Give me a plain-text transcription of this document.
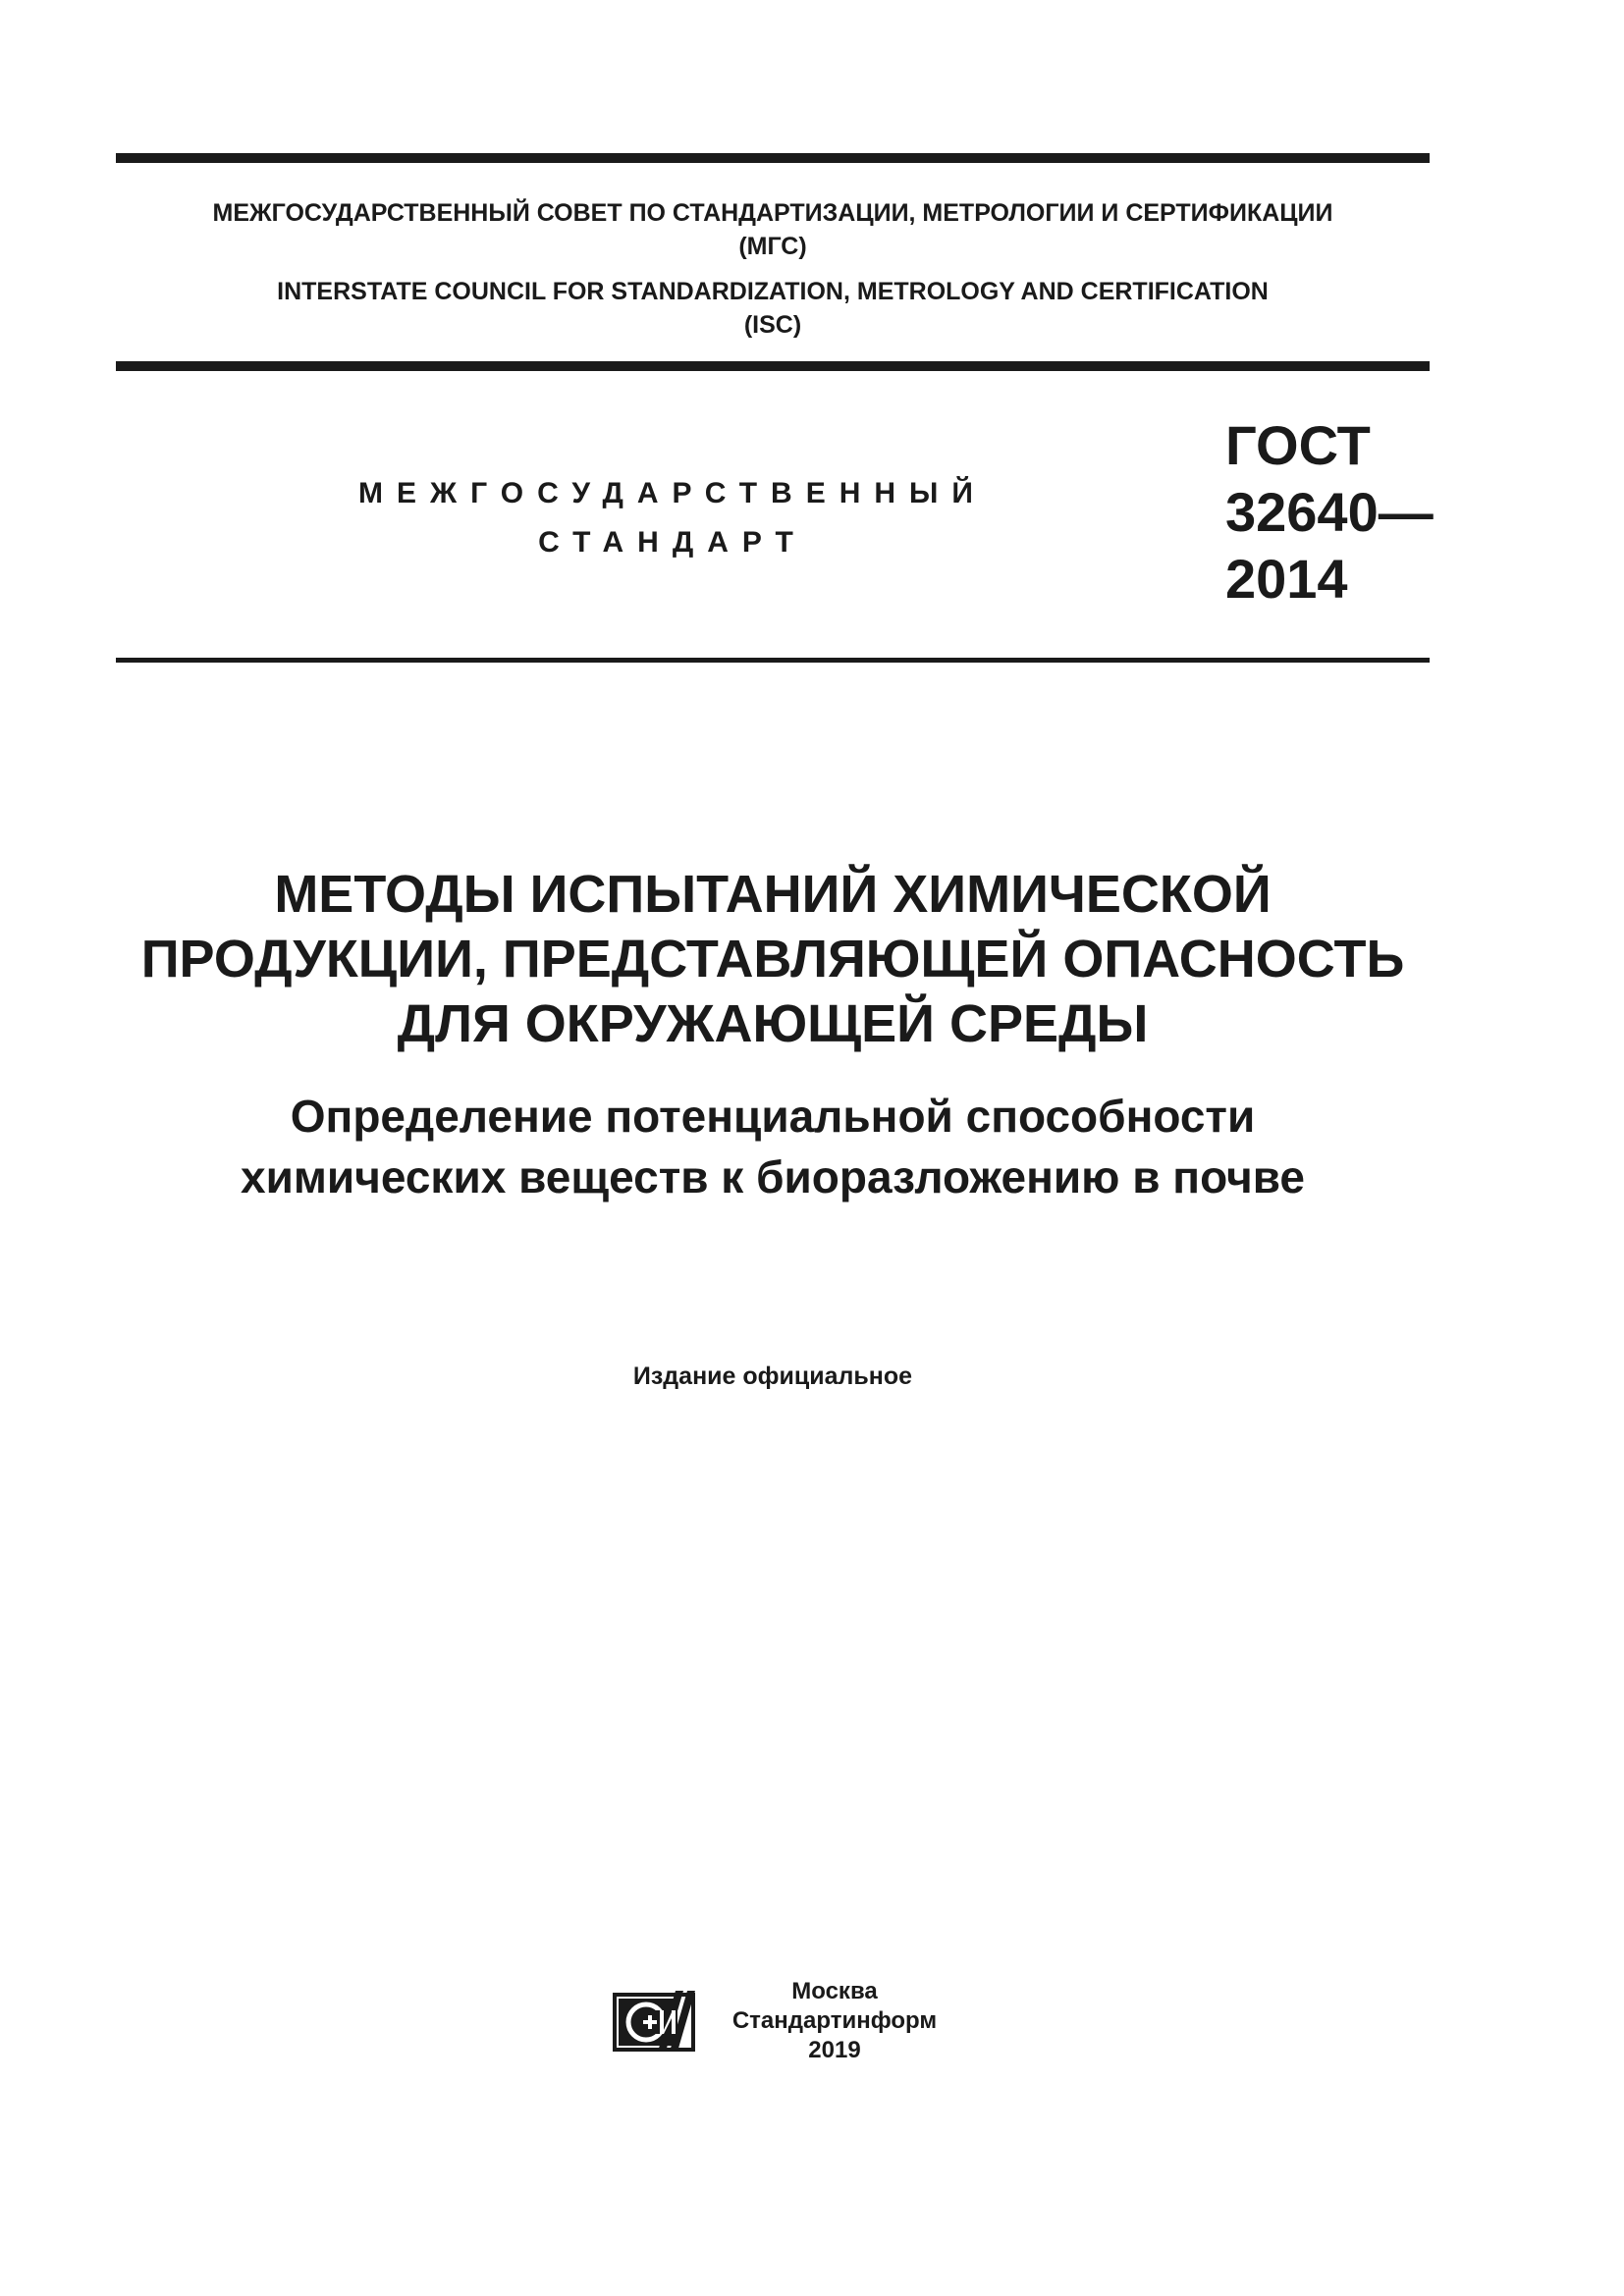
МЕЖГОСУДАРСТВЕННЫЙ СОВЕТ ПО СТАНДАРТИЗАЦИИ, МЕТРОЛОГИИ И СЕРТИФИКАЦИИ
(МГС)
INTERSTATE COUNCIL FOR STANDARDIZATION, METROLOGY AND CERTIFICATION
(ISC)
МЕЖГОСУДАРСТВЕННЫЙ
СТАНДАРТ
ГОСТ
32640—
2014
МЕТОДЫ ИСПЫТАНИЙ ХИМИЧЕСКОЙ
ПРОДУКЦИИ, ПРЕДСТАВЛЯЮЩЕЙ ОПАСНОСТЬ
ДЛЯ ОКРУЖАЮЩЕЙ СРЕДЫ
Определение потенциальной способности
химических веществ к биоразложению в почве
Издание официальное
Москва
Стандартинформ
2019
